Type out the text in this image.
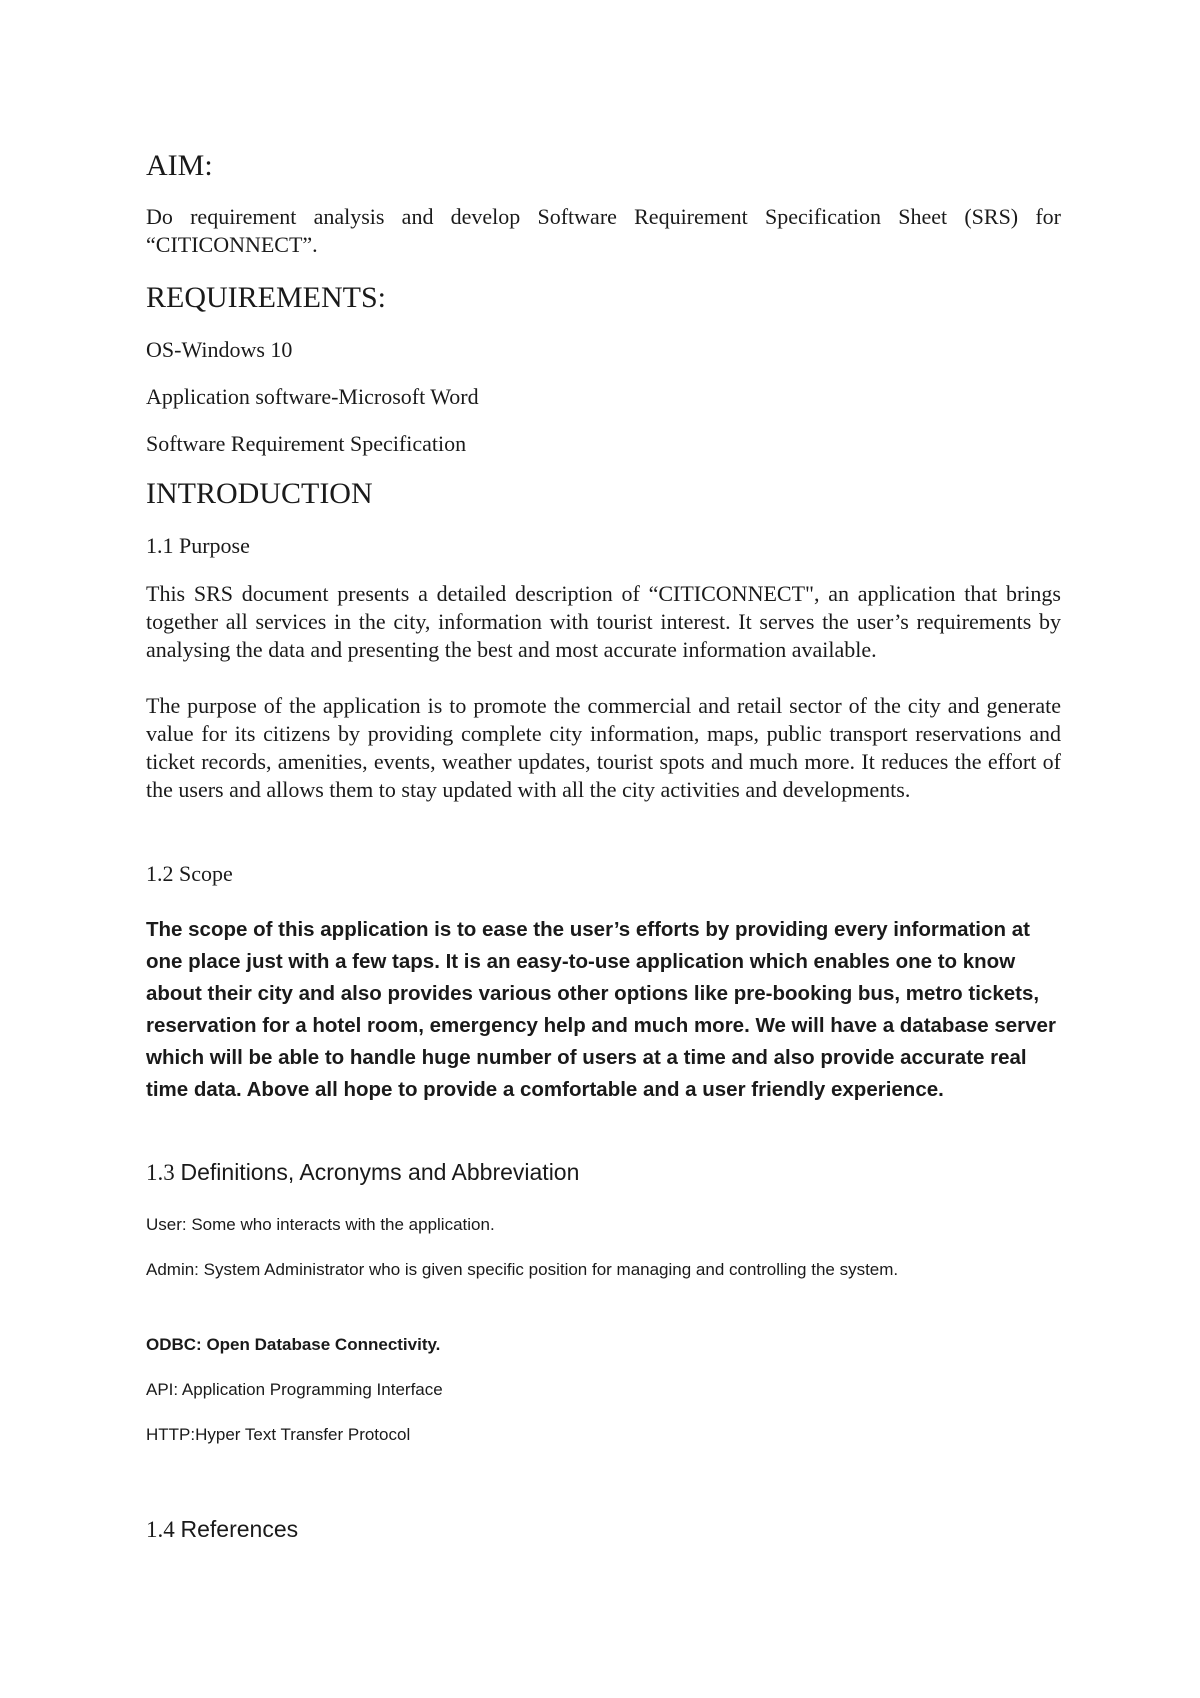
AIM:

Do requirement analysis and develop Software Requirement Specification Sheet (SRS) for “CITICONNECT”.

REQUIREMENTS:

OS-Windows 10

Application software-Microsoft Word

Software Requirement Specification

INTRODUCTION

1.1 Purpose

This SRS document presents a detailed description of “CITICONNECT", an application that brings together all services in the city, information with tourist interest. It serves the user’s requirements by analysing the data and presenting the best and most accurate information available.

The purpose of the application is to promote the commercial and retail sector of the city and generate value for its citizens by providing complete city information, maps, public transport reservations and ticket records, amenities, events, weather updates, tourist spots and much more. It reduces the effort of the users and allows them to stay updated with all the city activities and developments.

1.2 Scope

The scope of this application is to ease the user’s efforts by providing every information at one place just with a few taps. It is an easy-to-use application which enables one to know about their city and also provides various other options like pre-booking bus, metro tickets, reservation for a hotel room, emergency help and much more. We will have a database server which will be able to handle huge number of users at a time and also provide accurate real time data. Above all hope to provide a comfortable and a user friendly experience.

1.3 Definitions, Acronyms and Abbreviation

User: Some who interacts with the application.

Admin: System Administrator who is given specific position for managing and controlling the system.

ODBC: Open Database Connectivity.

API: Application Programming Interface

HTTP:Hyper Text Transfer Protocol

1.4 References
